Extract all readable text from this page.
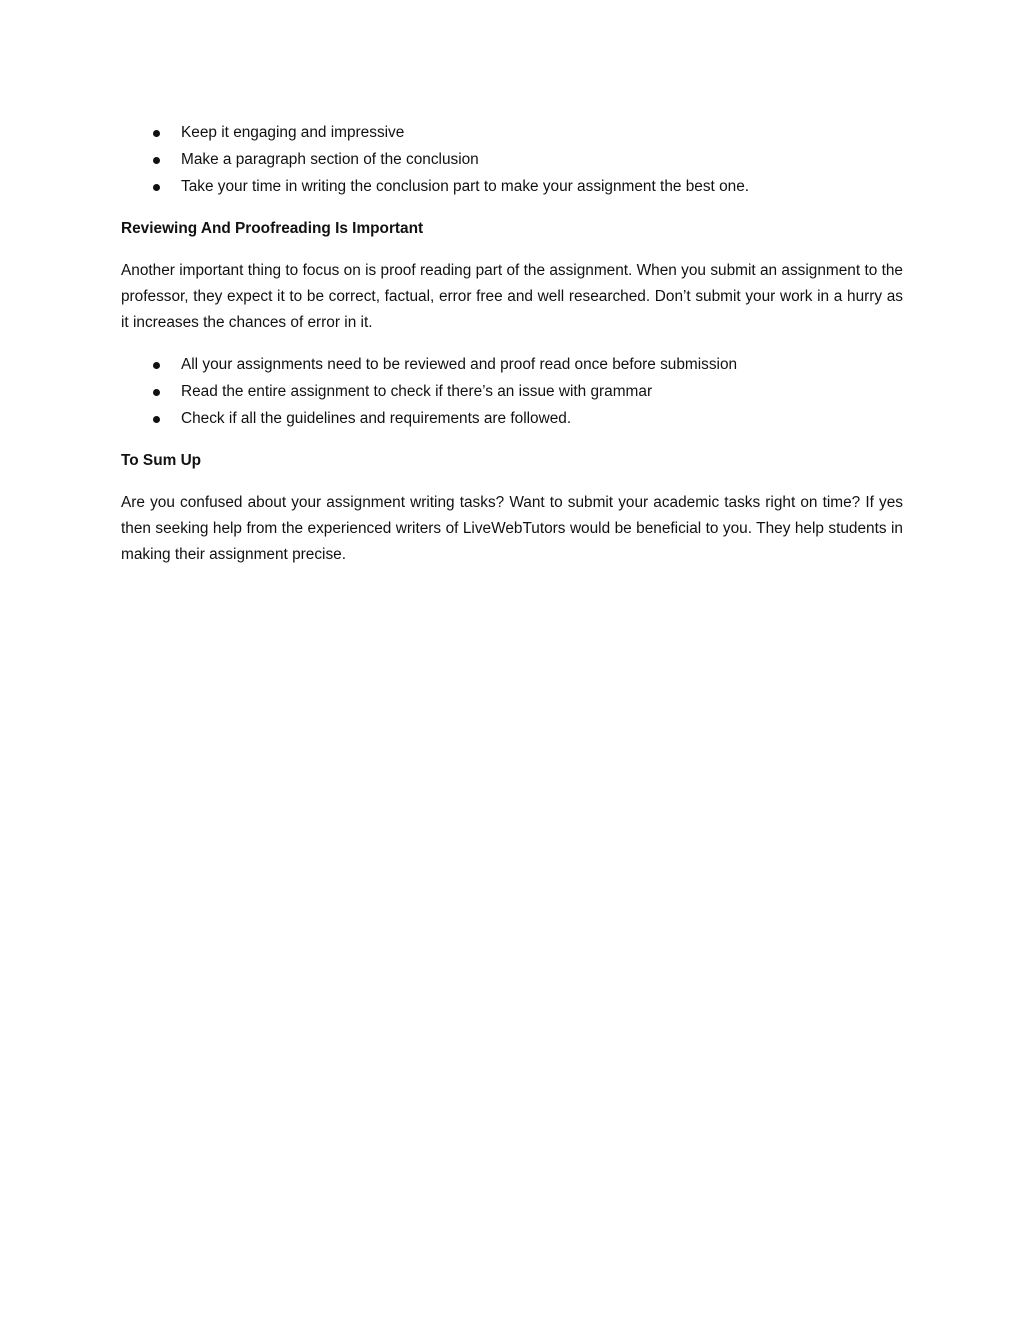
Keep it engaging and impressive
Make a paragraph section of the conclusion
Take your time in writing the conclusion part to make your assignment the best one.
Reviewing And Proofreading Is Important

Another important thing to focus on is proof reading part of the assignment. When you submit an assignment to the professor, they expect it to be correct, factual, error free and well researched. Don’t submit your work in a hurry as it increases the chances of error in it.

All your assignments need to be reviewed and proof read once before submission
Read the entire assignment to check if there’s an issue with grammar
Check if all the guidelines and requirements are followed.
To Sum Up

Are you confused about your assignment writing tasks? Want to submit your academic tasks right on time? If yes then seeking help from the experienced writers of LiveWebTutors would be beneficial to you. They help students in making their assignment precise.
